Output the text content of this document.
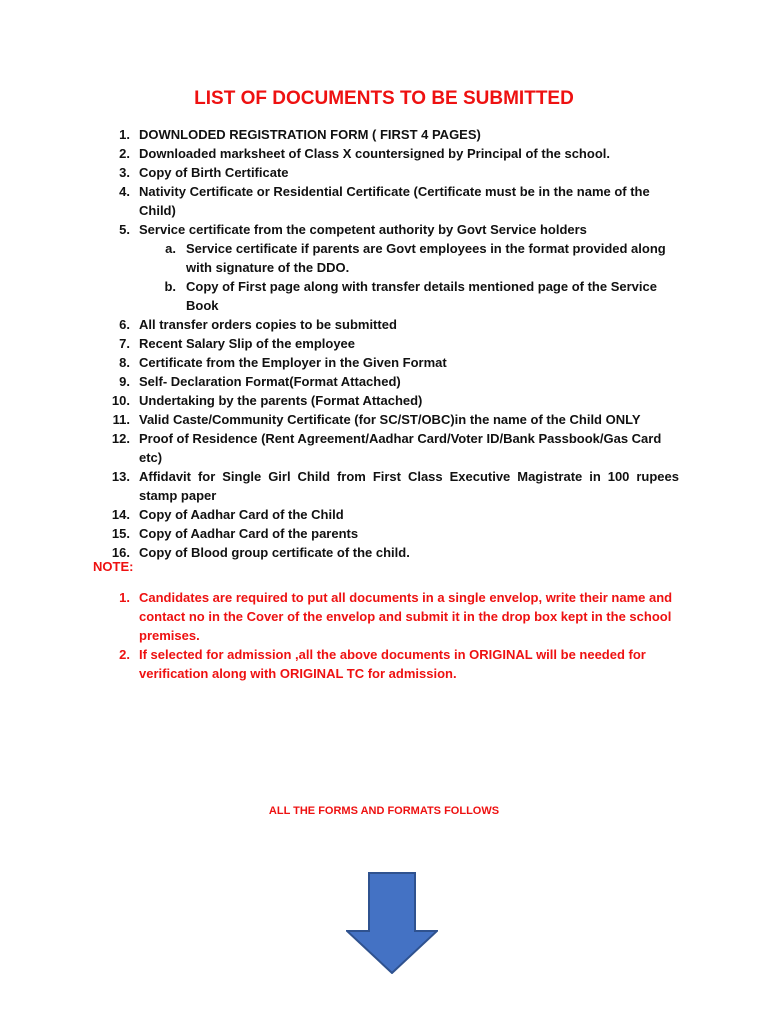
LIST OF DOCUMENTS TO BE SUBMITTED
1. DOWNLODED REGISTRATION FORM ( FIRST 4 PAGES)
2. Downloaded marksheet of Class X countersigned by Principal of the school.
3. Copy of Birth Certificate
4. Nativity Certificate or Residential Certificate (Certificate must be in the name of the Child)
5. Service certificate from the competent authority by Govt Service holders
a. Service certificate if parents are Govt employees in the format provided along with signature of the DDO.
b. Copy of First page along with transfer details mentioned page of the Service Book
6. All transfer orders copies to be submitted
7. Recent Salary Slip of the employee
8. Certificate from the Employer in the Given Format
9. Self- Declaration Format(Format Attached)
10. Undertaking by the parents (Format Attached)
11. Valid Caste/Community Certificate (for SC/ST/OBC)in the name of the Child ONLY
12. Proof of Residence (Rent Agreement/Aadhar Card/Voter ID/Bank Passbook/Gas Card etc)
13. Affidavit for Single Girl Child from First Class Executive Magistrate in 100 rupees stamp paper
14. Copy of Aadhar Card of the Child
15. Copy of Aadhar Card of the parents
16. Copy of Blood group certificate of the child.
NOTE:
1. Candidates are required to put all documents in a single envelop, write their name and contact no in the Cover of the envelop and submit it in the drop box kept in the school premises.
2. If selected for admission ,all the above documents in ORIGINAL will be needed for verification along with ORIGINAL TC for admission.
ALL THE FORMS AND FORMATS FOLLOWS
